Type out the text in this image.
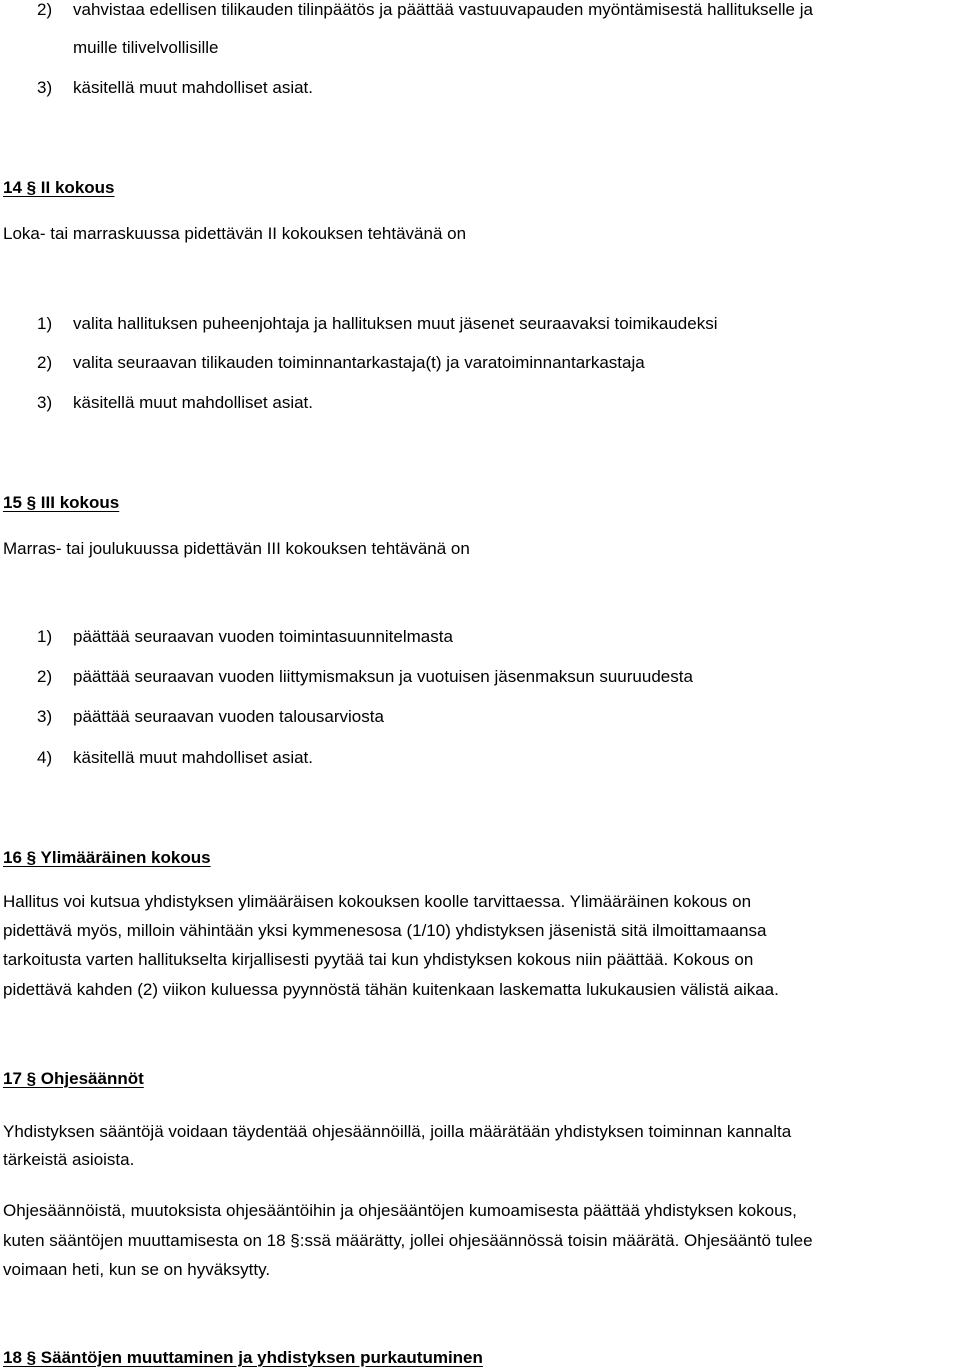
2) vahvistaa edellisen tilikauden tilinpäätös ja päättää vastuuvapauden myöntämisestä hallitukselle ja

muille tilivelvollisille

3) käsitellä muut mahdolliset asiat.

14 § II kokous

Loka- tai marraskuussa pidettävän II kokouksen tehtävänä on

1) valita hallituksen puheenjohtaja ja hallituksen muut jäsenet seuraavaksi toimikaudeksi

2) valita seuraavan tilikauden toiminnantarkastaja(t) ja varatoiminnantarkastaja

3) käsitellä muut mahdolliset asiat.

15 § III kokous

Marras- tai joulukuussa pidettävän III kokouksen tehtävänä on

1) päättää seuraavan vuoden toimintasuunnitelmasta

2) päättää seuraavan vuoden liittymismaksun ja vuotuisen jäsenmaksun suuruudesta

3) päättää seuraavan vuoden talousarviosta

4) käsitellä muut mahdolliset asiat.

16 § Ylimääräinen kokous

Hallitus voi kutsua yhdistyksen ylimääräisen kokouksen koolle tarvittaessa. Ylimääräinen kokous on

pidettävä myös, milloin vähintään yksi kymmenesosa (1/10) yhdistyksen jäsenistä sitä ilmoittamaansa

tarkoitusta varten hallitukselta kirjallisesti pyytää tai kun yhdistyksen kokous niin päättää. Kokous on

pidettävä kahden (2) viikon kuluessa pyynnöstä tähän kuitenkaan laskematta lukukausien välistä aikaa.

17 § Ohjesäännöt

Yhdistyksen sääntöjä voidaan täydentää ohjesäännöillä, joilla määrätään yhdistyksen toiminnan kannalta

tärkeistä asioista.

Ohjesäännöistä, muutoksista ohjesääntöihin ja ohjesääntöjen kumoamisesta päättää yhdistyksen kokous,

kuten sääntöjen muuttamisesta on 18 §:ssä määrätty, jollei ohjesäännössä toisin määrätä. Ohjesääntö tulee

voimaan heti, kun se on hyväksytty.

18 § Sääntöjen muuttaminen ja yhdistyksen purkautuminen
